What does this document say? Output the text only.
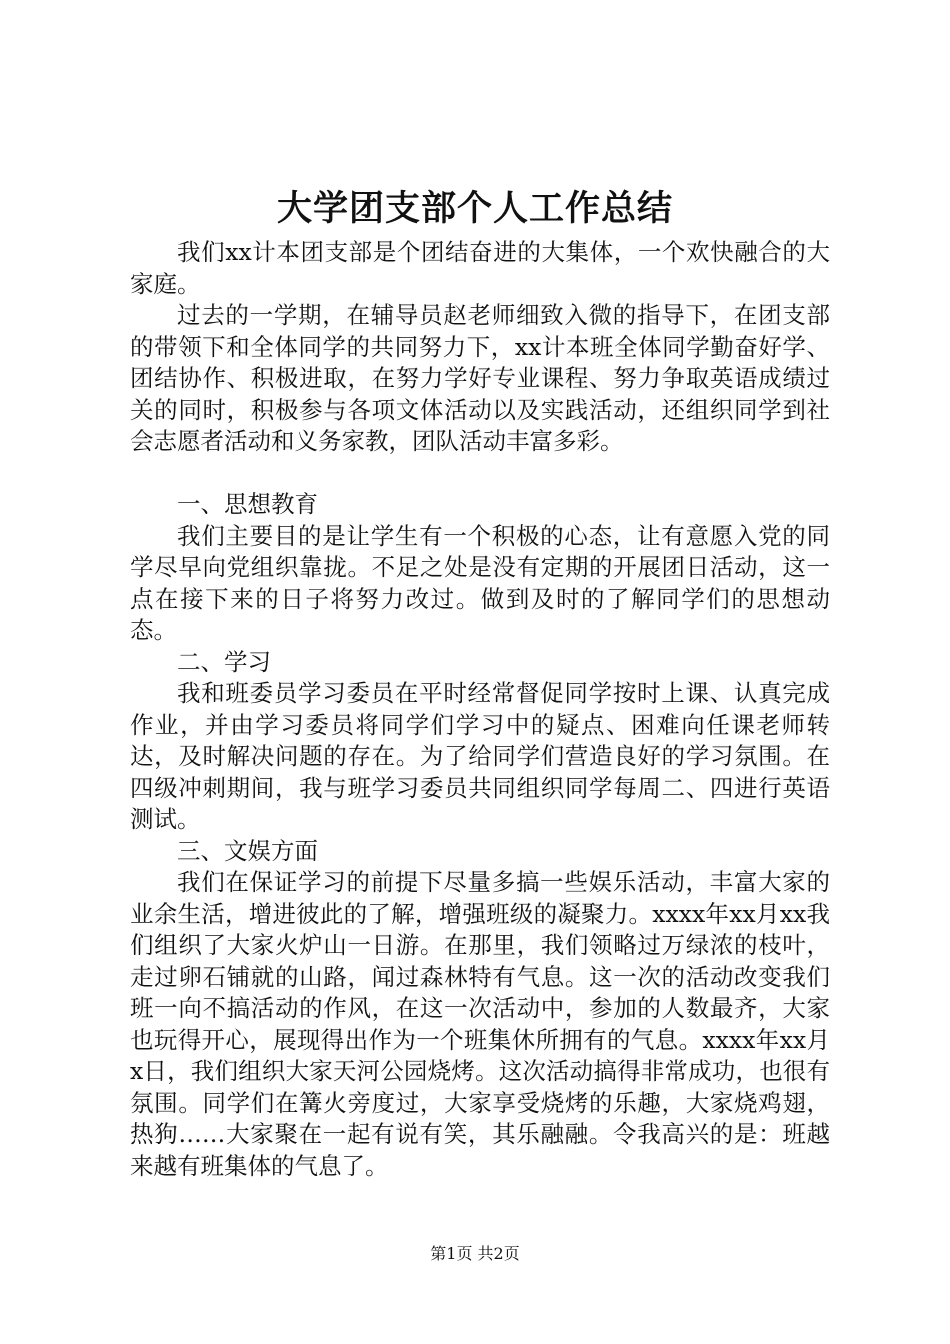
大学团支部个人工作总结

我们xx计本团支部是个团结奋进的大集体，一个欢快融合的大家庭。

过去的一学期，在辅导员赵老师细致入微的指导下，在团支部的带领下和全体同学的共同努力下，xx计本班全体同学勤奋好学、团结协作、积极进取，在努力学好专业课程、努力争取英语成绩过关的同时，积极参与各项文体活动以及实践活动，还组织同学到社会志愿者活动和义务家教，团队活动丰富多彩。

一、思想教育

我们主要目的是让学生有一个积极的心态，让有意愿入党的同学尽早向党组织靠拢。不足之处是没有定期的开展团日活动，这一点在接下来的日子将努力改过。做到及时的了解同学们的思想动态。

二、学习

我和班委员学习委员在平时经常督促同学按时上课、认真完成作业，并由学习委员将同学们学习中的疑点、困难向任课老师转达，及时解决问题的存在。为了给同学们营造良好的学习氛围。在四级冲刺期间，我与班学习委员共同组织同学每周二、四进行英语测试。

三、文娱方面

我们在保证学习的前提下尽量多搞一些娱乐活动，丰富大家的业余生活，增进彼此的了解，增强班级的凝聚力。xxxx年xx月xx我们组织了大家火炉山一日游。在那里，我们领略过万绿浓的枝叶，走过卵石铺就的山路，闻过森林特有气息。这一次的活动改变我们班一向不搞活动的作风，在这一次活动中，参加的人数最齐，大家也玩得开心，展现得出作为一个班集休所拥有的气息。xxxx年xx月x日，我们组织大家天河公园烧烤。这次活动搞得非常成功，也很有氛围。同学们在篝火旁度过，大家享受烧烤的乐趣，大家烧鸡翅，热狗……大家聚在一起有说有笑，其乐融融。令我高兴的是：班越来越有班集体的气息了。

第1页 共2页
